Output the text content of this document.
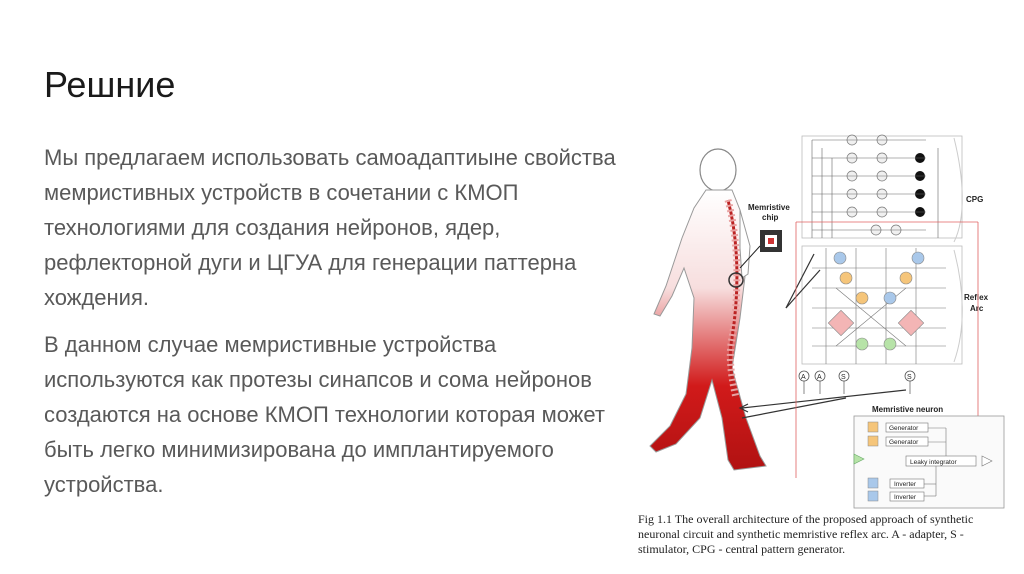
Решние

Мы предлагаем использовать самоадаптиыне свойства мемристивных устройств в сочетании с КМОП технологиями для создания нейронов, ядер, рефлекторной дуги и ЦГУА для генерации паттерна хождения.

В данном случае мемристивные устройства используются как протезы синапсов и сома нейронов создаются на основе КМОП технологии которая может быть легко минимизирована до имплантируемого устройства.

Memristive
chip
CPG
Reflex
Arc
A A	S	S
Memristive neuron
Generator
Generator
Leaky integrator
Inverter
Inverter
Fig 1.1 The overall architecture of the proposed approach of synthetic neuronal circuit and synthetic memristive reflex arc. A - adapter, S - stimulator, CPG - central pattern generator.
